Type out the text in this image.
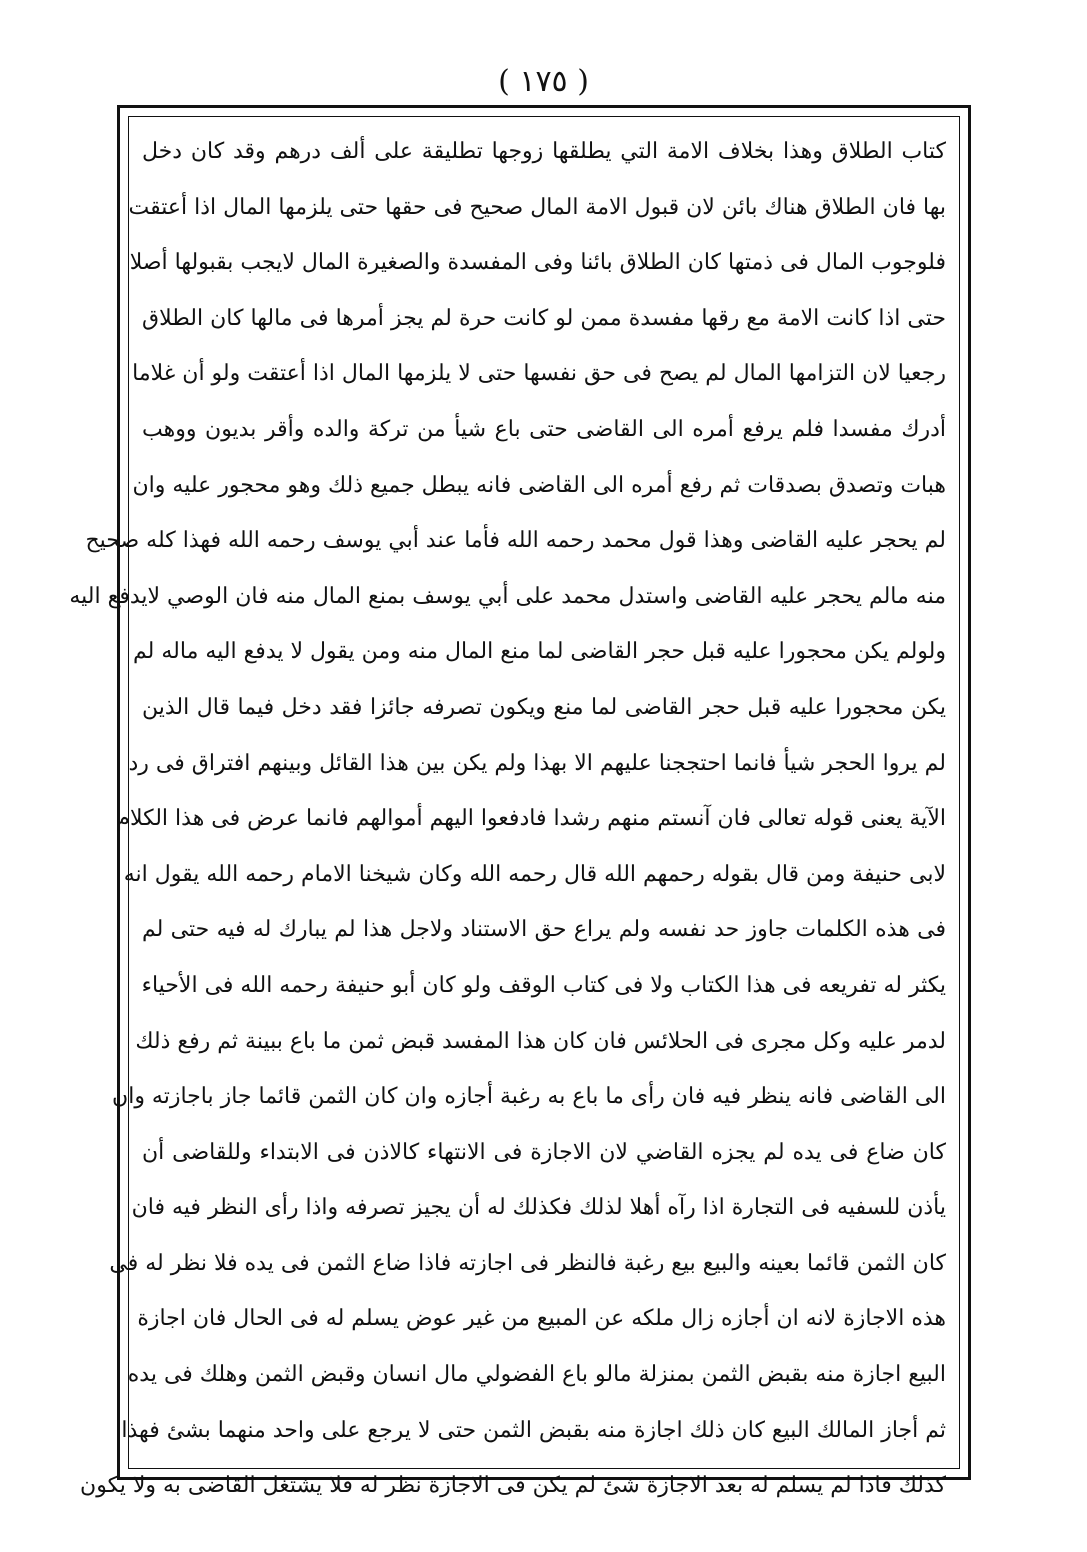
( ١٧٥ )
كتاب الطلاق وهذا بخلاف الامة التي يطلقها زوجها تطليقة على ألف درهم وقد كان دخل
بها فان الطلاق هناك بائن لان قبول الامة المال صحيح فى حقها حتى يلزمها المال اذا أعتقت
فلوجوب المال فى ذمتها كان الطلاق بائنا وفى المفسدة والصغيرة المال لايجب بقبولها أصلا
حتى اذا كانت الامة مع رقها مفسدة ممن لو كانت حرة لم يجز أمرها فى مالها كان الطلاق
رجعيا لان التزامها المال لم يصح فى حق نفسها حتى لا يلزمها المال اذا أعتقت ولو أن غلاما
أدرك مفسدا فلم يرفع أمره الى القاضى حتى باع شيأ من تركة والده وأقر بديون ووهب
هبات وتصدق بصدقات ثم رفع أمره الى القاضى فانه يبطل جميع ذلك وهو محجور عليه وان
لم يحجر عليه القاضى وهذا قول محمد رحمه الله فأما عند أبي يوسف رحمه الله فهذا كله صحيح
منه مالم يحجر عليه القاضى واستدل محمد على أبي يوسف بمنع المال منه فان الوصي لايدفع اليه
ولولم يكن محجورا عليه قبل حجر القاضى لما منع المال منه ومن يقول لا يدفع اليه ماله لم
يكن محجورا عليه قبل حجر القاضى لما منع ويكون تصرفه جائزا فقد دخل فيما قال الذين
لم يروا الحجر شيأ فانما احتججنا عليهم الا بهذا ولم يكن بين هذا القائل وبينهم افتراق فى رد
الآية يعنى قوله تعالى فان آنستم منهم رشدا فادفعوا اليهم أموالهم فانما عرض فى هذا الكلام
لابى حنيفة ومن قال بقوله رحمهم الله قال رحمه الله وكان شيخنا الامام رحمه الله يقول انه
فى هذه الكلمات جاوز حد نفسه ولم يراع حق الاستناد ولاجل هذا لم يبارك له فيه حتى لم
يكثر له تفريعه فى هذا الكتاب ولا فى كتاب الوقف ولو كان أبو حنيفة رحمه الله فى الأحياء
لدمر عليه وكل مجرى فى الحلائس فان كان هذا المفسد قبض ثمن ما باع ببينة ثم رفع ذلك
الى القاضى فانه ينظر فيه فان رأى ما باع به رغبة أجازه وان كان الثمن قائما جاز باجازته وان
كان ضاع فى يده لم يجزه القاضي لان الاجازة فى الانتهاء كالاذن فى الابتداء وللقاضى أن
يأذن للسفيه فى التجارة اذا رآه أهلا لذلك فكذلك له أن يجيز تصرفه واذا رأى النظر فيه فان
كان الثمن قائما بعينه والبيع بيع رغبة فالنظر فى اجازته فاذا ضاع الثمن فى يده فلا نظر له فى
هذه الاجازة لانه ان أجازه زال ملكه عن المبيع من غير عوض يسلم له فى الحال فان اجازة
البيع اجازة منه بقبض الثمن بمنزلة مالو باع الفضولي مال انسان وقبض الثمن وهلك فى يده
ثم أجاز المالك البيع كان ذلك اجازة منه بقبض الثمن حتى لا يرجع على واحد منهما بشئ فهذا
كذلك فاذا لم يسلم له بعد الاجازة شئ لم يكن فى الاجازة نظر له فلا يشتغل القاضى به ولا يكون
